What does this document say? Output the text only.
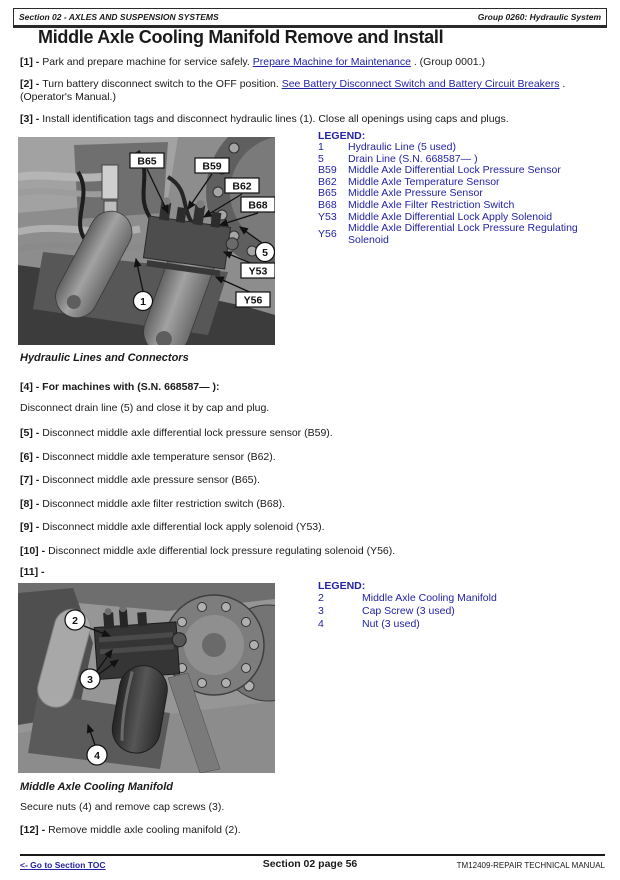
Section 02 - AXLES AND SUSPENSION SYSTEMS	Group 0260: Hydraulic System
Middle Axle Cooling Manifold Remove and Install
[1] - Park and prepare machine for service safely. Prepare Machine for Maintenance . (Group 0001.)
[2] - Turn battery disconnect switch to the OFF position. See Battery Disconnect Switch and Battery Circuit Breakers .
(Operator's Manual.)
[3] - Install identification tags and disconnect hydraulic lines (1). Close all openings using caps and plugs.
B65	B59
B62
B68
5
Y53
Y56
1
LEGEND:
1	Hydraulic Line (5 used)
5	Drain Line (S.N. 668587— )
B59	Middle Axle Differential Lock Pressure Sensor
B62	Middle Axle Temperature Sensor
B65	Middle Axle Pressure Sensor
B68	Middle Axle Filter Restriction Switch
Y53	Middle Axle Differential Lock Apply Solenoid
Y56	Middle Axle Differential Lock Pressure Regulating Solenoid
Hydraulic Lines and Connectors
[4] - For machines with (S.N. 668587— ):
Disconnect drain line (5) and close it by cap and plug.
[5] - Disconnect middle axle differential lock pressure sensor (B59).
[6] - Disconnect middle axle temperature sensor (B62).
[7] - Disconnect middle axle pressure sensor (B65).
[8] - Disconnect middle axle filter restriction switch (B68).
[9] - Disconnect middle axle differential lock apply solenoid (Y53).
[10] - Disconnect middle axle differential lock pressure regulating solenoid (Y56).
[11] -
2
3
4
LEGEND:
2	Middle Axle Cooling Manifold
3	Cap Screw (3 used)
4	Nut (3 used)
Middle Axle Cooling Manifold
Secure nuts (4) and remove cap screws (3).
[12] - Remove middle axle cooling manifold (2).
<- Go to Section TOC	Section 02 page 56	TM12409-REPAIR TECHNICAL MANUAL
